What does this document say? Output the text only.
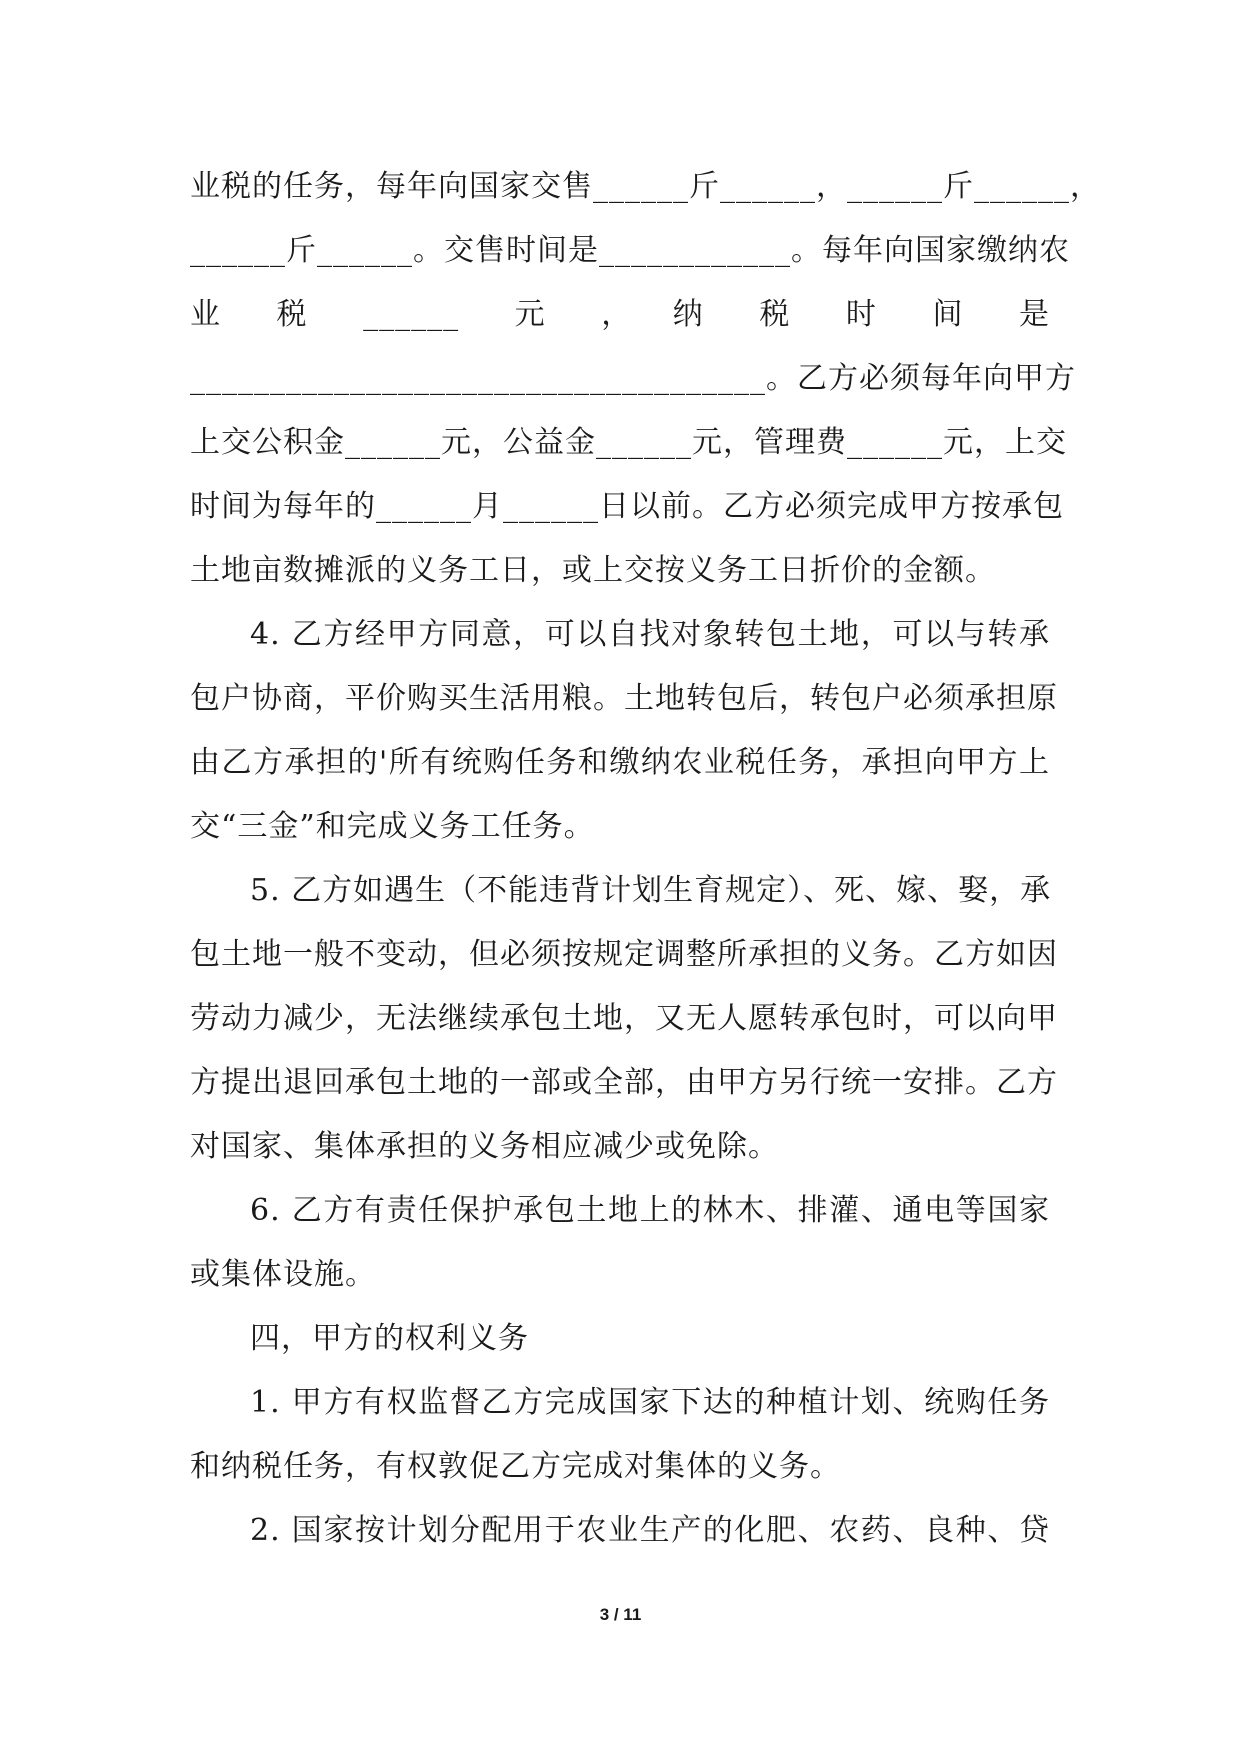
业税的任务，每年向国家交售______斤______，______斤______，
______斤______。交售时间是____________。每年向国家缴纳农
业　税　______　元　，　纳　税　时　间　是
____________________________________。乙方必须每年向甲方
上交公积金______元，公益金______元，管理费______元，上交
时间为每年的______月______日以前。乙方必须完成甲方按承包
土地亩数摊派的义务工日，或上交按义务工日折价的金额。
4. 乙方经甲方同意，可以自找对象转包土地，可以与转承
包户协商，平价购买生活用粮。土地转包后，转包户必须承担原
由乙方承担的'所有统购任务和缴纳农业税任务，承担向甲方上
交“三金”和完成义务工任务。
5. 乙方如遇生（不能违背计划生育规定）、死、嫁、娶，承
包土地一般不变动，但必须按规定调整所承担的义务。乙方如因
劳动力减少，无法继续承包土地，又无人愿转承包时，可以向甲
方提出退回承包土地的一部或全部，由甲方另行统一安排。乙方
对国家、集体承担的义务相应减少或免除。
6. 乙方有责任保护承包土地上的林木、排灌、通电等国家
或集体设施。
四，甲方的权利义务
1. 甲方有权监督乙方完成国家下达的种植计划、统购任务
和纳税任务，有权敦促乙方完成对集体的义务。
2. 国家按计划分配用于农业生产的化肥、农药、良种、贷
3 / 11
